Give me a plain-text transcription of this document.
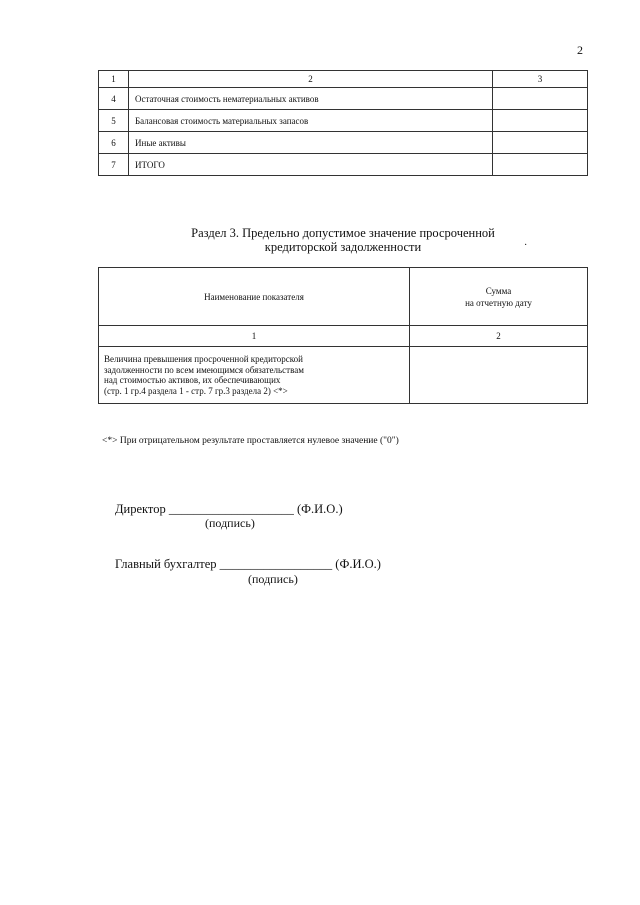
2
1	2	3
4	Остаточная стоимость нематериальных активов	
5	Балансовая стоимость материальных запасов	
6	Иные активы	
7	ИТОГО	
Раздел 3. Предельно допустимое значение просроченной
кредиторской задолженности	·
Наименование показателя	Сумма
на отчетную дату

1	2

Величина превышения просроченной кредиторской
задолженности по всем имеющимся обязательствам
над стоимостью активов, их обеспечивающих
(стр. 1 гр.4 раздела 1 - стр. 7 гр.3 раздела 2) <*>	

<*> При отрицательном результате проставляется нулевое значение ("0")
Директор ____________________ (Ф.И.О.)
(подпись)
Главный бухгалтер __________________ (Ф.И.О.)
(подпись)
